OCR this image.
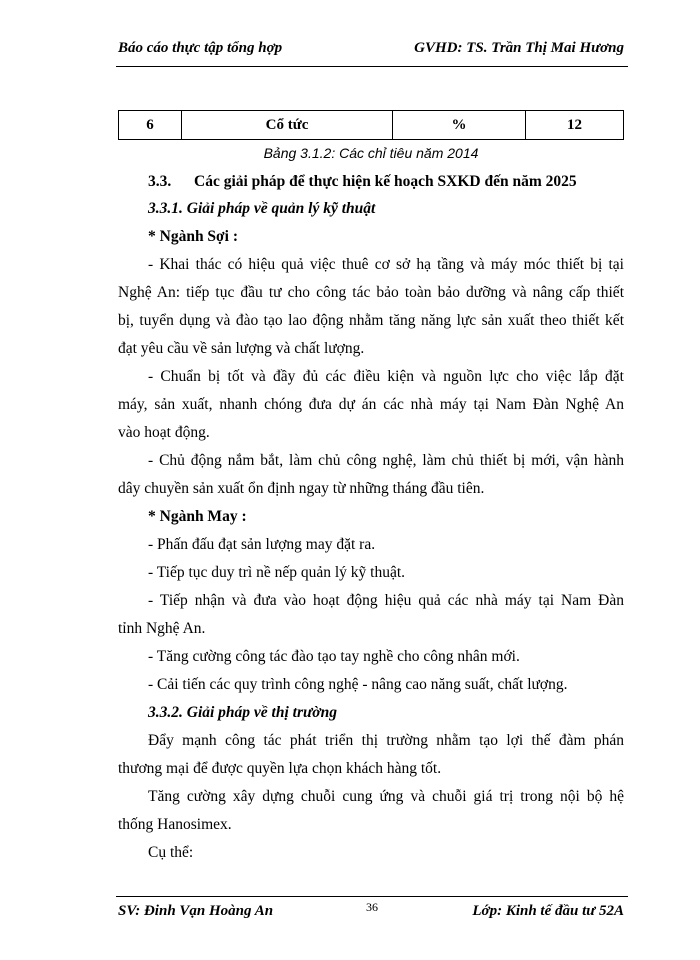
Báo cáo thực tập tổng hợp	GVHD: TS. Trần Thị Mai Hương
6	Cổ tức	%	12
Bảng 3.1.2: Các chỉ tiêu năm 2014
3.3. Các giải pháp để thực hiện kế hoạch SXKD đến năm 2025
3.3.1. Giải pháp về quản lý kỹ thuật
* Ngành Sợi :
- Khai thác có hiệu quả việc thuê cơ sở hạ tầng và máy móc thiết bị tại
Nghệ An: tiếp tục đầu tư cho công tác bảo toàn bảo dưỡng và nâng cấp thiết
bị, tuyển dụng và đào tạo lao động nhằm tăng năng lực sản xuất theo thiết kết
đạt yêu cầu về sản lượng và chất lượng.
- Chuẩn bị tốt và đầy đủ các điều kiện và nguồn lực cho việc lắp đặt
máy, sản xuất, nhanh chóng đưa dự án các nhà máy tại Nam Đàn Nghệ An
vào hoạt động.
- Chủ động nắm bắt, làm chủ công nghệ, làm chủ thiết bị mới, vận hành
dây chuyền sản xuất ổn định ngay từ những tháng đầu tiên.
* Ngành May :
- Phấn đấu đạt sản lượng may đặt ra.
- Tiếp tục duy trì nề nếp quản lý kỹ thuật.
- Tiếp nhận và đưa vào hoạt động hiệu quả các nhà máy tại Nam Đàn
tỉnh Nghệ An.
- Tăng cường công tác đào tạo tay nghề cho công nhân mới.
- Cải tiến các quy trình công nghệ - nâng cao năng suất, chất lượng.
3.3.2. Giải pháp về thị trường
Đẩy mạnh công tác phát triển thị trường nhằm tạo lợi thế đàm phán
thương mại để được quyền lựa chọn khách hàng tốt.
Tăng cường xây dựng chuỗi cung ứng và chuỗi giá trị trong nội bộ hệ
thống Hanosimex.
Cụ thể:
SV: Đinh Vạn Hoàng An	36	Lớp: Kinh tế đầu tư 52A
